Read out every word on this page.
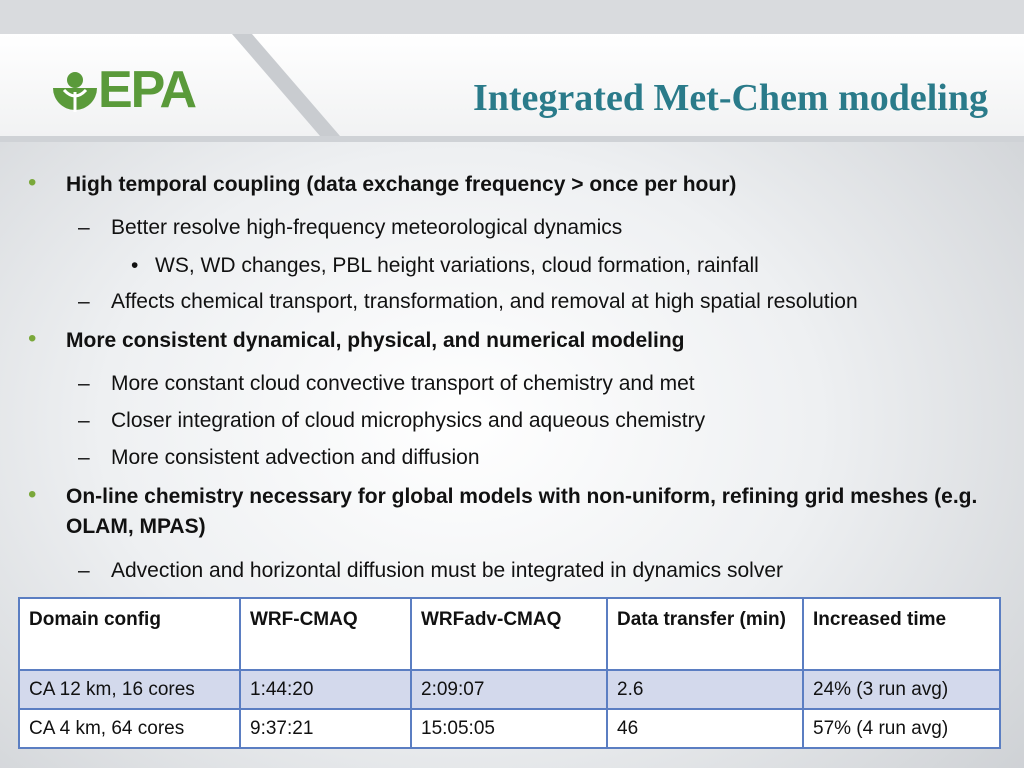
EPA	Integrated Met-Chem modeling
•	High temporal coupling (data exchange frequency > once per hour)
– Better resolve high-frequency meteorological dynamics
• WS, WD changes, PBL height variations, cloud formation, rainfall
– Affects chemical transport, transformation, and removal at high spatial resolution
•	More consistent dynamical, physical, and numerical modeling
– More constant cloud convective transport of chemistry and met
– Closer integration of cloud microphysics and aqueous chemistry
– More consistent advection and diffusion
•	On-line chemistry necessary for global models with non-uniform, refining grid meshes (e.g. OLAM, MPAS)
– Advection and horizontal diffusion must be integrated in dynamics solver
Domain config	WRF-CMAQ	WRFadv-CMAQ	Data transfer (min)	Increased time
CA 12 km, 16 cores	1:44:20	2:09:07	2.6	24% (3 run avg)
CA 4 km, 64 cores	9:37:21	15:05:05	46	57% (4 run avg)
